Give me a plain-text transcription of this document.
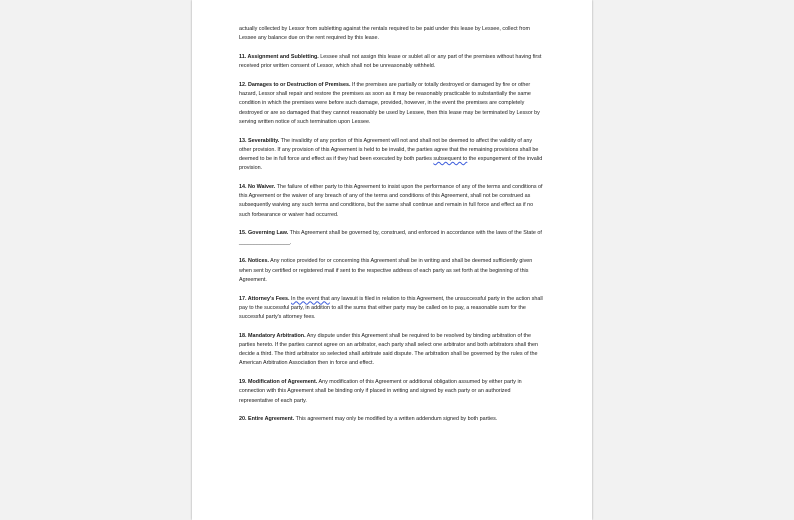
actually collected by Lessor from subletting against the rentals required to be paid under this lease by Lessee, collect from Lessee any balance due on the rent required by this lease.

11. Assignment and Subletting. Lessee shall not assign this lease or sublet all or any part of the premises without having first received prior written consent of Lessor, which shall not be unreasonably withheld.

12. Damages to or Destruction of Premises. If the premises are partially or totally destroyed or damaged by fire or other hazard, Lessor shall repair and restore the premises as soon as it may be reasonably practicable to substantially the same condition in which the premises were before such damage, provided, however, in the event the premises are completely destroyed or are so damaged that they cannot reasonably be used by Lessee, then this lease may be terminated by Lessor by serving written notice of such termination upon Lessee.

13. Severability. The invalidity of any portion of this Agreement will not and shall not be deemed to affect the validity of any other provision. If any provision of this Agreement is held to be invalid, the parties agree that the remaining provisions shall be deemed to be in full force and effect as if they had been executed by both parties subsequent to the expungement of the invalid provision.

14. No Waiver. The failure of either party to this Agreement to insist upon the performance of any of the terms and conditions of this Agreement or the waiver of any breach of any of the terms and conditions of this Agreement, shall not be construed as subsequently waiving any such terms and conditions, but the same shall continue and remain in full force and effect as if no such forbearance or waiver had occurred.

15. Governing Law. This Agreement shall be governed by, construed, and enforced in accordance with the laws of the State of _________________.

16. Notices. Any notice provided for or concerning this Agreement shall be in writing and shall be deemed sufficiently given when sent by certified or registered mail if sent to the respective address of each party as set forth at the beginning of this Agreement.

17. Attorney's Fees. In the event that any lawsuit is filed in relation to this Agreement, the unsuccessful party in the action shall pay to the successful party, in addition to all the sums that either party may be called on to pay, a reasonable sum for the successful party's attorney fees.

18. Mandatory Arbitration. Any dispute under this Agreement shall be required to be resolved by binding arbitration of the parties hereto. If the parties cannot agree on an arbitrator, each party shall select one arbitrator and both arbitrators shall then decide a third. The third arbitrator so selected shall arbitrate said dispute. The arbitration shall be governed by the rules of the American Arbitration Association then in force and effect.

19. Modification of Agreement. Any modification of this Agreement or additional obligation assumed by either party in connection with this Agreement shall be binding only if placed in writing and signed by each party or an authorized representative of each party.

20. Entire Agreement. This agreement may only be modified by a written addendum signed by both parties.
